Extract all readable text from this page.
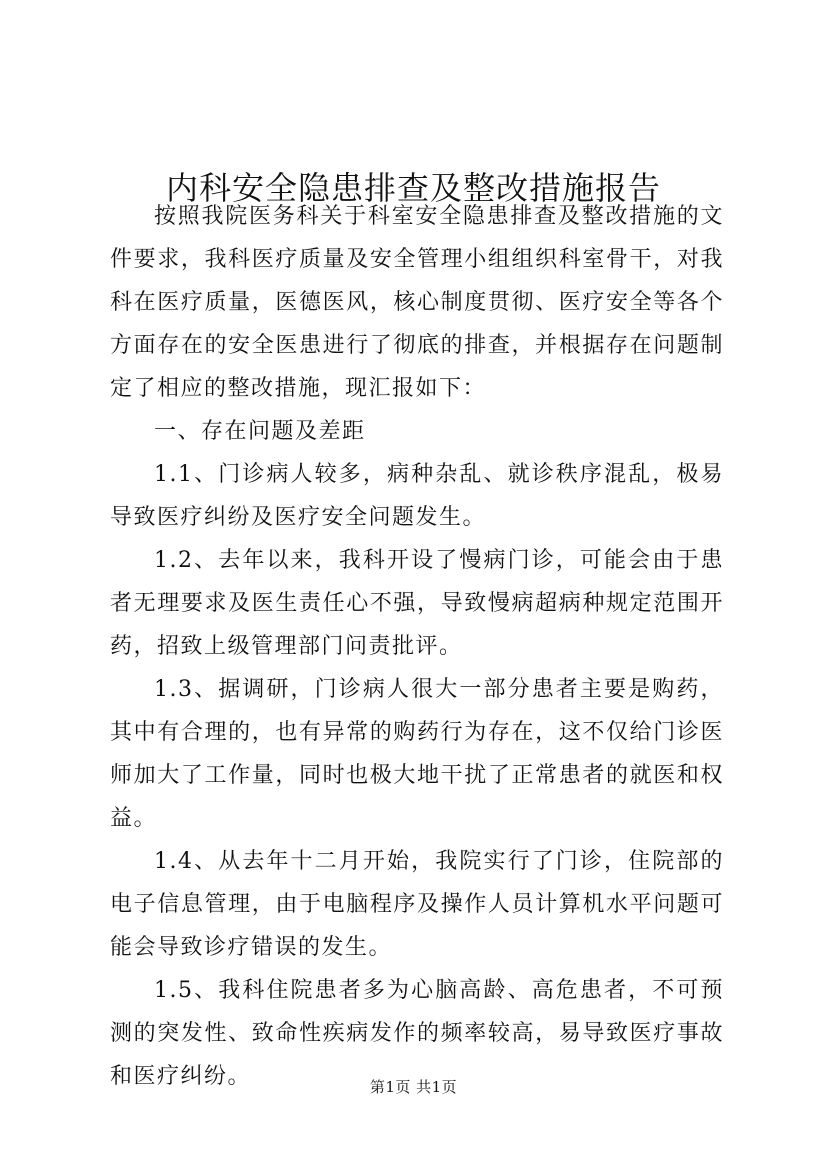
内科安全隐患排查及整改措施报告

按照我院医务科关于科室安全隐患排查及整改措施的文件要求，我科医疗质量及安全管理小组组织科室骨干，对我科在医疗质量，医德医风，核心制度贯彻、医疗安全等各个方面存在的安全医患进行了彻底的排查，并根据存在问题制定了相应的整改措施，现汇报如下：

一、存在问题及差距

1.1、门诊病人较多，病种杂乱、就诊秩序混乱，极易导致医疗纠纷及医疗安全问题发生。

1.2、去年以来，我科开设了慢病门诊，可能会由于患者无理要求及医生责任心不强，导致慢病超病种规定范围开药，招致上级管理部门问责批评。

1.3、据调研，门诊病人很大一部分患者主要是购药，其中有合理的，也有异常的购药行为存在，这不仅给门诊医师加大了工作量，同时也极大地干扰了正常患者的就医和权益。

1.4、从去年十二月开始，我院实行了门诊，住院部的电子信息管理，由于电脑程序及操作人员计算机水平问题可能会导致诊疗错误的发生。

1.5、我科住院患者多为心脑高龄、高危患者，不可预测的突发性、致命性疾病发作的频率较高，易导致医疗事故和医疗纠纷。	第1页 共1页
